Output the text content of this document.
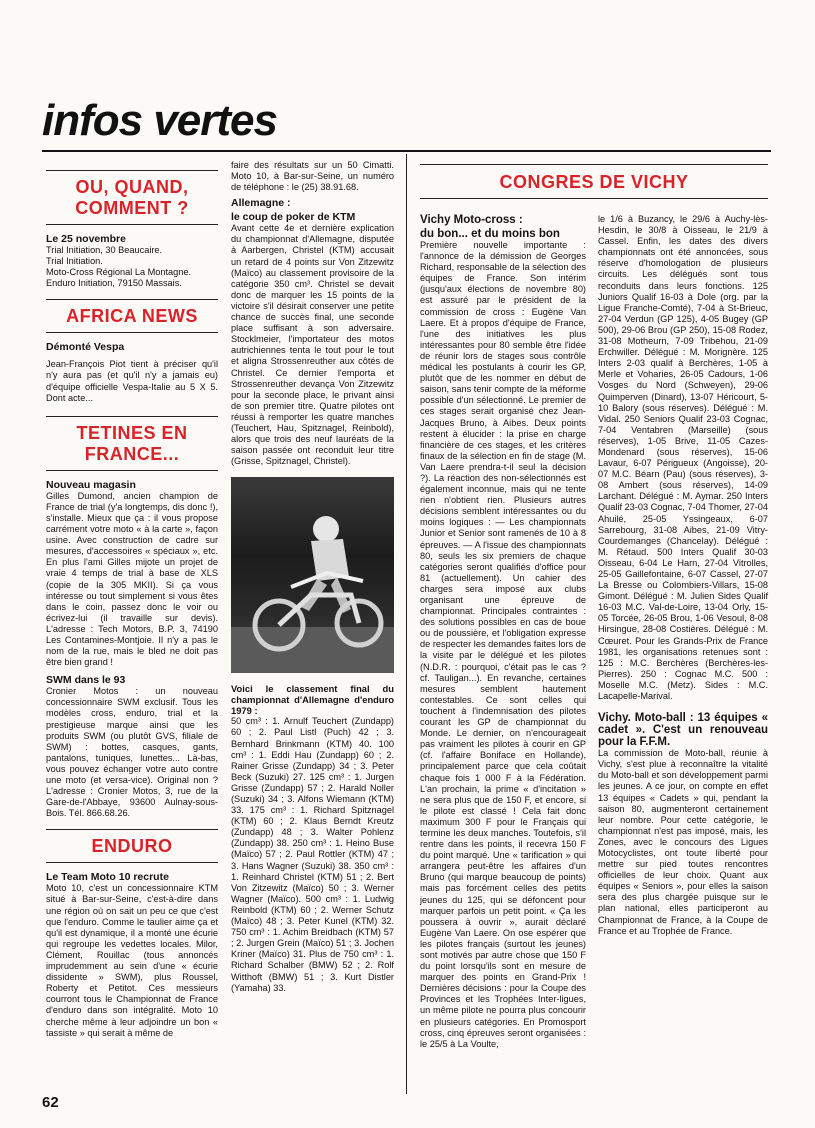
infos vertes
OU, QUAND, COMMENT ?
Le 25 novembre

Trial Initiation, 30 Beaucaire.

Trial Initiation.

Moto-Cross Régional La Montagne.

Enduro Initiation, 79150 Massais.

AFRICA NEWS
Démonté Vespa

Jean-François Piot tient à préciser qu'il n'y aura pas (et qu'il n'y a jamais eu) d'équipe officielle Vespa-Italie au 5 X 5. Dont acte...

TETINES EN FRANCE...
Nouveau magasin

Gilles Dumond, ancien champion de France de trial (y'a longtemps, dis donc !), s'installe. Mieux que ça : il vous propose carrément votre moto « à la carte », façon usine. Avec construction de cadre sur mesures, d'accessoires « spéciaux », etc. En plus l'ami Gilles mijote un projet de vraie 4 temps de trial à base de XLS (copie de la 305 MKII). Si ça vous intéresse ou tout simplement si vous êtes dans le coin, passez donc le voir ou écrivez-lui (il travaille sur devis). L'adresse : Tech Motors, B.P. 3, 74190 Les Contamines-Montjoie. Il n'y a pas le nom de la rue, mais le bled ne doit pas être bien grand !

SWM dans le 93

Cronier Motos : un nouveau concessionnaire SWM exclusif. Tous les modèles cross, enduro, trial et la prestigieuse marque ainsi que les produits SWM (ou plutôt GVS, filiale de SWM) : bottes, casques, gants, pantalons, tuniques, lunettes... Là-bas, vous pouvez échanger votre auto contre une moto (et versa-vice). Original non ? L'adresse : Cronier Motos, 3, rue de la Gare-de-l'Abbaye, 93600 Aulnay-sous-Bois. Tél. 866.68.26.

ENDURO
Le Team Moto 10 recrute

Moto 10, c'est un concessionnaire KTM situé à Bar-sur-Seine, c'est-à-dire dans une région où on sait un peu ce que c'est que l'enduro. Comme le taulier aime ça et qu'il est dynamique, il a monté une écurie qui regroupe les vedettes locales. Milor, Clément, Rouillac (tous annoncés imprudemment au sein d'une « écurie dissidente » SWM), plus Roussel, Roberty et Petitot. Ces messieurs courront tous le Championnat de France d'enduro dans son intégralité. Moto 10 cherche même à leur adjoindre un bon « tassiste » qui serait à même de

faire des résultats sur un 50 Cimatti. Moto 10, à Bar-sur-Seine, un numéro de téléphone : le (25) 38.91.68.

Allemagne :
le coup de poker de KTM

Avant cette 4e et dernière explication du championnat d'Allemagne, disputée à Aarbergen, Christel (KTM) accusait un retard de 4 points sur Von Zitzewitz (Maïco) au classement provisoire de la catégorie 350 cm³. Christel se devait donc de marquer les 15 points de la victoire s'il désirait conserver une petite chance de succès final, une seconde place suffisant à son adversaire. Stocklmeier, l'importateur des motos autrichiennes tenta le tout pour le tout et aligna Strossenreuther aux côtés de Christel. Ce dernier l'emporta et Strossenreuther devança Von Zitzewitz pour la seconde place, le privant ainsi de son premier titre. Quatre pilotes ont réussi à remporter les quatre manches (Teuchert, Hau, Spitznagel, Reinbold), alors que trois des neuf lauréats de la saison passée ont reconduit leur titre (Grisse, Spitznagel, Christel).

Voici le classement final du championnat d'Allemagne d'enduro 1979 :

50 cm³ : 1. Arnulf Teuchert (Zundapp) 60 ; 2. Paul Listl (Puch) 42 ; 3. Bernhard Brinkmann (KTM) 40. 100 cm³ : 1. Eddi Hau (Zundapp) 60 ; 2. Rainer Grisse (Zundapp) 34 ; 3. Peter Beck (Suzuki) 27. 125 cm³ : 1. Jurgen Grisse (Zundapp) 57 ; 2. Harald Noller (Suzuki) 34 ; 3. Alfons Wiemann (KTM) 33. 175 cm³ : 1. Richard Spitznagel (KTM) 60 ; 2. Klaus Berndt Kreutz (Zundapp) 48 ; 3. Walter Pohlenz (Zundapp) 38. 250 cm³ : 1. Heino Buse (Maïco) 57 ; 2. Paul Rottler (KTM) 47 ; 3. Hans Wagner (Suzuki) 38. 350 cm³ : 1. Reinhard Christel (KTM) 51 ; 2. Bert Von Zitzewitz (Maïco) 50 ; 3. Werner Wagner (Maïco). 500 cm³ : 1. Ludwig Reinbold (KTM) 60 ; 2. Werner Schutz (Maïco) 48 ; 3. Peter Kunel (KTM) 32. 750 cm³ : 1. Achim Breidbach (KTM) 57 ; 2. Jurgen Grein (Maïco) 51 ; 3. Jochen Kriner (Maïco) 31. Plus de 750 cm³ : 1. Richard Schalber (BMW) 52 ; 2. Rolf Witthoft (BMW) 51 ; 3. Kurt Distler (Yamaha) 33.

CONGRES DE VICHY
Vichy Moto-cross :
du bon... et du moins bon

Première nouvelle importante : l'annonce de la démission de Georges Richard, responsable de la sélection des équipes de France. Son intérim (jusqu'aux élections de novembre 80) est assuré par le président de la commission de cross : Eugène Van Laere. Et à propos d'équipe de France, l'une des initiatives les plus intéressantes pour 80 semble être l'idée de réunir lors de stages sous contrôle médical les postulants à courir les GP, plutôt que de les nommer en début de saison, sans tenir compte de la méforme possible d'un sélectionné. Le premier de ces stages serait organisé chez Jean-Jacques Bruno, à Aibes. Deux points restent à élucider : la prise en charge financière de ces stages, et les critères finaux de la sélection en fin de stage (M. Van Laere prendra-t-il seul la décision ?). La réaction des non-sélectionnés est également inconnue, mais qui ne tente rien n'obtient rien. Plusieurs autres décisions semblent intéressantes ou du moins logiques : — Les championnats Junior et Senior sont ramenés de 10 à 8 épreuves. — A l'issue des championnats 80, seuls les six premiers de chaque catégories seront qualifiés d'office pour 81 (actuellement). Un cahier des charges sera imposé aux clubs organisant une épreuve de championnat. Principales contraintes : des solutions possibles en cas de boue ou de poussière, et l'obligation expresse de respecter les demandes faites lors de la visite par le délégué et les pilotes (N.D.R. : pourquoi, c'était pas le cas ? cf. Tauligan...). En revanche, certaines mesures semblent hautement contestables. Ce sont celles qui touchent à l'indemnisation des pilotes courant les GP de championnat du Monde. Le dernier, on n'encourageait pas vraiment les pilotes à courir en GP (cf. l'affaire Boniface en Hollande), principalement parce que cela coûtait chaque fois 1 000 F à la Fédération. L'an prochain, la prime « d'incitation » ne sera plus que de 150 F, et encore, si le pilote est classé ! Cela fait donc maximum 300 F pour le Français qui termine les deux manches. Toutefois, s'il rentre dans les points, il recevra 150 F du point marqué. Une « tarification » qui arrangera peut-être les affaires d'un Bruno (qui marque beaucoup de points) mais pas forcément celles des petits jeunes du 125, qui se défoncent pour marquer parfois un petit point. « Ça les poussera à ouvrir », aurait déclaré Eugène Van Laere. On ose espérer que les pilotes français (surtout les jeunes) sont motivés par autre chose que 150 F du point lorsqu'ils sont en mesure de marquer des points en Grand-Prix ! Dernières décisions : pour la Coupe des Provinces et les Trophées Inter-ligues, un même pilote ne pourra plus concourir en plusieurs catégories. En Promosport cross, cinq épreuves seront organisées : le 25/5 à La Voulte,

le 1/6 à Buzancy, le 29/6 à Auchy-lès-Hesdin, le 30/8 à Oisseau, le 21/9 à Cassel. Enfin, les dates des divers championnats ont été annoncées, sous réserve d'homologation de plusieurs circuits. Les délégués sont tous reconduits dans leurs fonctions. 125 Juniors Qualif 16-03 à Dole (org. par la Ligue Franche-Comté), 7-04 à St-Brieuc, 27-04 Verdun (GP 125), 4-05 Bugey (GP 500), 29-06 Brou (GP 250), 15-08 Rodez, 31-08 Motheurn, 7-09 Tribehou, 21-09 Erchwiller. Délégué : M. Morignère. 125 Inters 2-03 qualif à Berchères, 1-05 à Merle et Voharies, 26-05 Cadours, 1-06 Vosges du Nord (Schweyen), 29-06 Quimperven (Dinard), 13-07 Héricourt, 5-10 Balory (sous réserves). Délégué : M. Vidal. 250 Seniors Qualif 23-03 Cognac, 7-04 Ventabren (Marseille) (sous réserves), 1-05 Brive, 11-05 Cazes-Mondenard (sous réserves), 15-06 Lavaur, 6-07 Périgueux (Angoisse), 20-07 M.C. Béarn (Pau) (sous réserves), 3-08 Ambert (sous réserves), 14-09 Larchant. Délégué : M. Aymar. 250 Inters Qualif 23-03 Cognac, 7-04 Thomer, 27-04 Ahuilé, 25-05 Yssingeaux, 6-07 Sarrebourg, 31-08 Aibes, 21-09 Vitry-Courdemanges (Chancelay). Délégué : M. Rétaud. 500 Inters Qualif 30-03 Oisseau, 6-04 Le Harn, 27-04 Vitrolles, 25-05 Gaillefontaine, 6-07 Cassel, 27-07 La Bresse ou Colombiers-Villars, 15-08 Gimont. Délégué : M. Julien Sides Qualif 16-03 M.C. Val-de-Loire, 13-04 Orly, 15-05 Torcée, 26-05 Brou, 1-06 Vesoul, 8-08 Hirsingue, 28-08 Costières. Délégué : M. Cœuret. Pour les Grands-Prix de France 1981, les organisations retenues sont : 125 : M.C. Berchères (Berchères-les-Pierres). 250 : Cognac M.C. 500 : Moselle M.C. (Metz). Sides : M.C. Lacapelle-Marival.

Vichy. Moto-ball : 13 équipes « cadet ». C'est un renouveau pour la F.F.M.

La commission de Moto-ball, réunie à Vichy, s'est plue à reconnaître la vitalité du Moto-ball et son développement parmi les jeunes. A ce jour, on compte en effet 13 équipes « Cadets » qui, pendant la saison 80, augmenteront certainement leur nombre. Pour cette catégorie, le championnat n'est pas imposé, mais, les Zones, avec le concours des Ligues Motocyclistes, ont toute liberté pour mettre sur pied toutes rencontres officielles de leur choix. Quant aux équipes « Seniors », pour elles la saison sera des plus chargée puisque sur le plan national, elles participeront au Championnat de France, à la Coupe de France et au Trophée de France.

62
